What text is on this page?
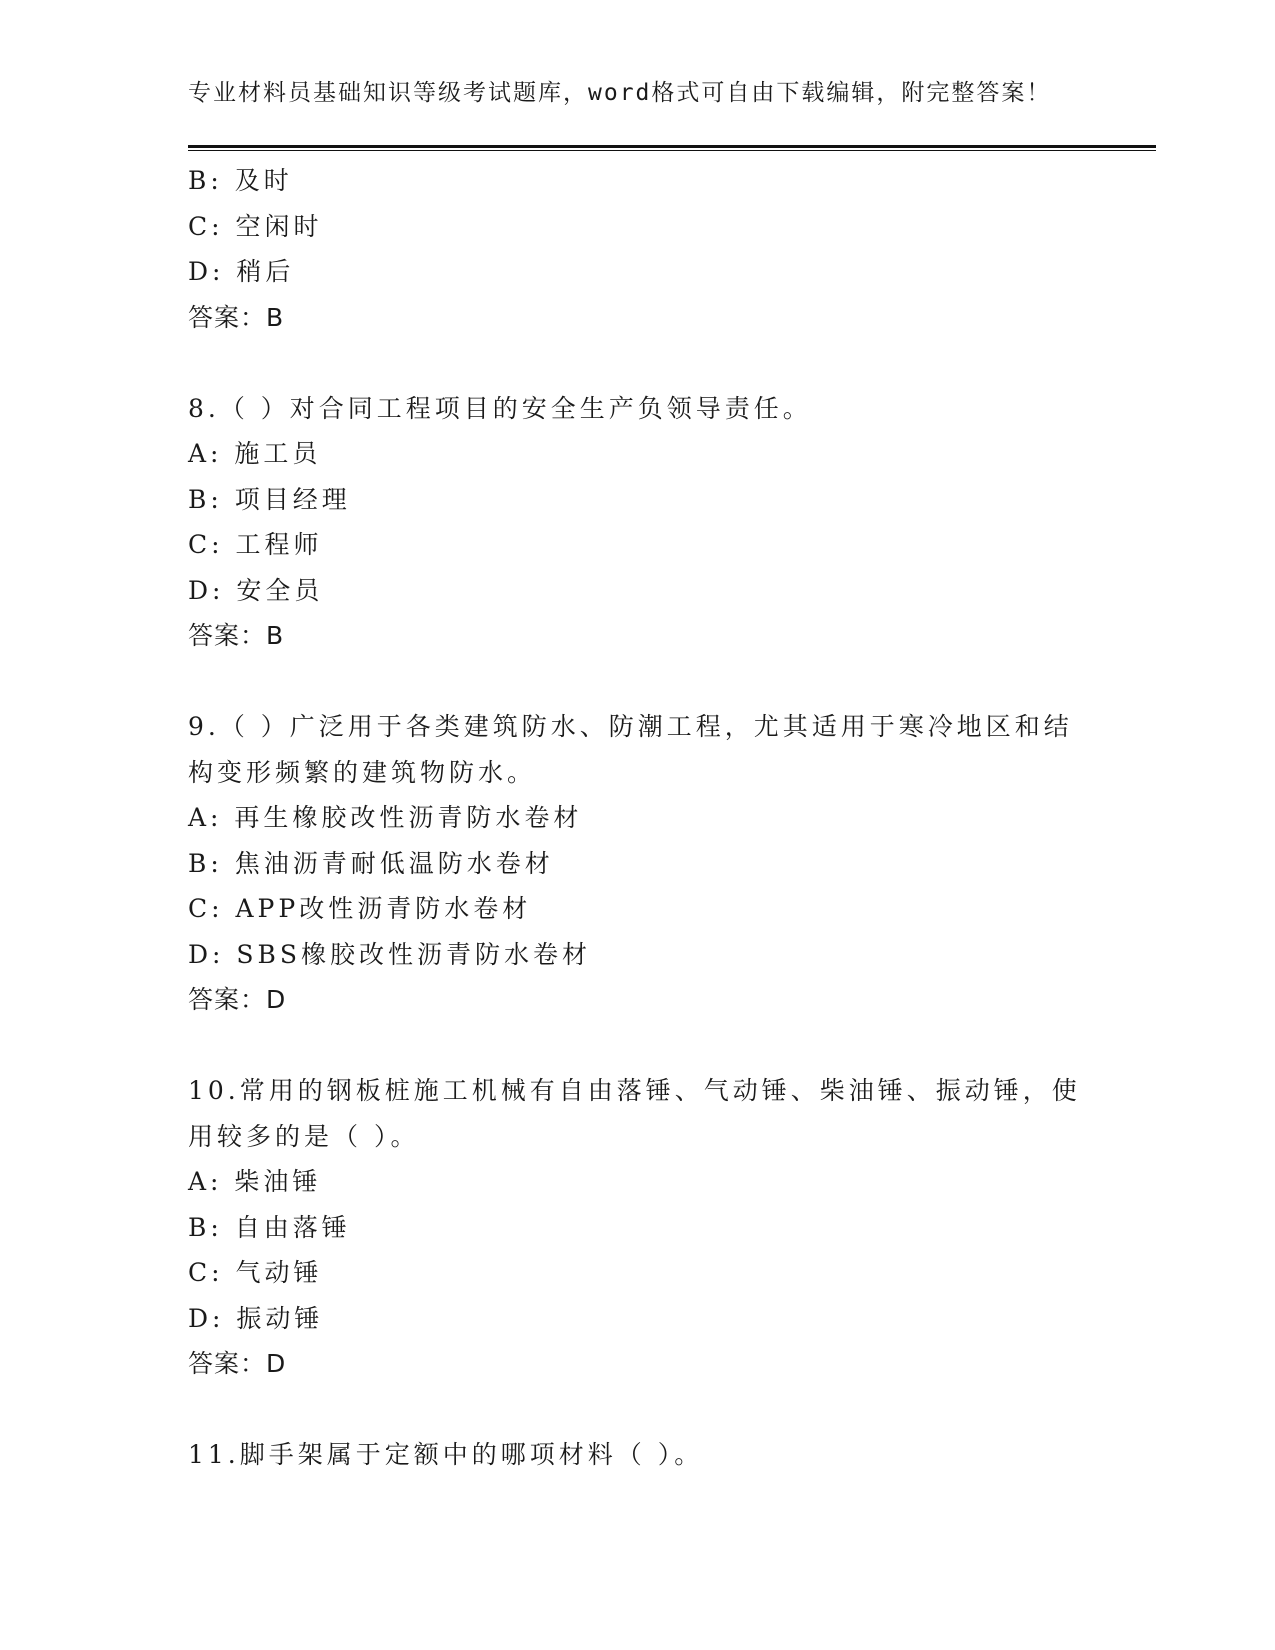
专业材料员基础知识等级考试题库，word格式可自由下载编辑，附完整答案！
B: 及时
C: 空闲时
D: 稍后
答案：B
8.（ ）对合同工程项目的安全生产负领导责任。
A: 施工员
B: 项目经理
C: 工程师
D: 安全员
答案：B
9.（ ）广泛用于各类建筑防水、防潮工程，尤其适用于寒冷地区和结
构变形频繁的建筑物防水。
A: 再生橡胶改性沥青防水卷材
B: 焦油沥青耐低温防水卷材
C: APP改性沥青防水卷材
D: SBS橡胶改性沥青防水卷材
答案：D
10.常用的钢板桩施工机械有自由落锤、气动锤、柴油锤、振动锤，使
用较多的是（ ）。
A: 柴油锤
B: 自由落锤
C: 气动锤
D: 振动锤
答案：D
11.脚手架属于定额中的哪项材料（ ）。
